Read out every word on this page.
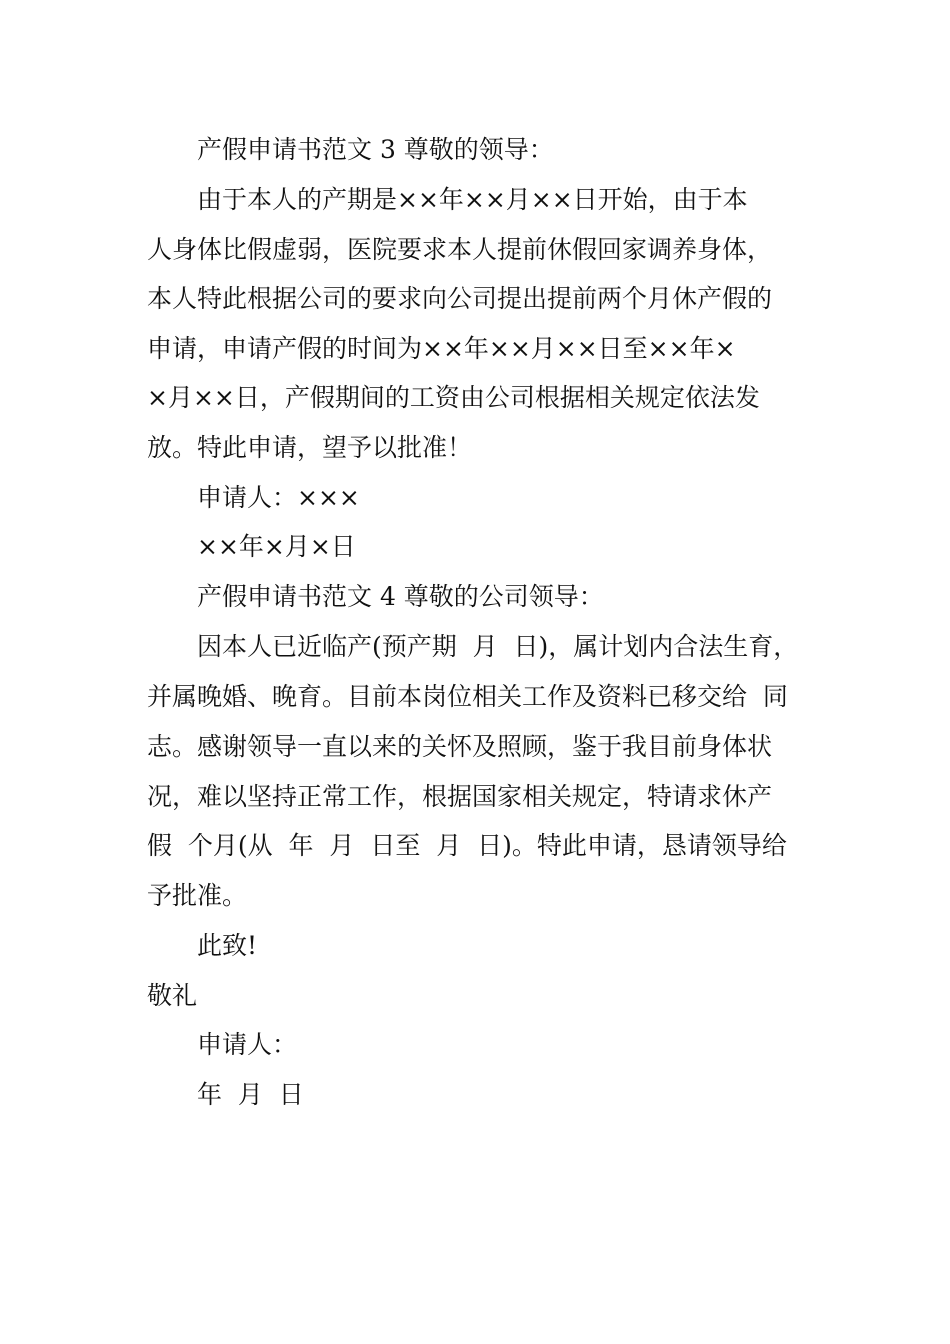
产假申请书范文 3 尊敬的领导：
由于本人的产期是××年××月××日开始，由于本
人身体比假虚弱，医院要求本人提前休假回家调养身体，
本人特此根据公司的要求向公司提出提前两个月休产假的
申请，申请产假的时间为××年××月××日至××年×
×月××日，产假期间的工资由公司根据相关规定依法发
放。特此申请，望予以批准！
申请人：×××
××年×月×日
产假申请书范文 4 尊敬的公司领导：
因本人已近临产(预产期  月  日)，属计划内合法生育，
并属晚婚、晚育。目前本岗位相关工作及资料已移交给  同
志。感谢领导一直以来的关怀及照顾，鉴于我目前身体状
况，难以坚持正常工作，根据国家相关规定，特请求休产
假  个月(从  年  月  日至  月  日)。特此申请，恳请领导给
予批准。
此致!
敬礼
申请人：
年  月  日
